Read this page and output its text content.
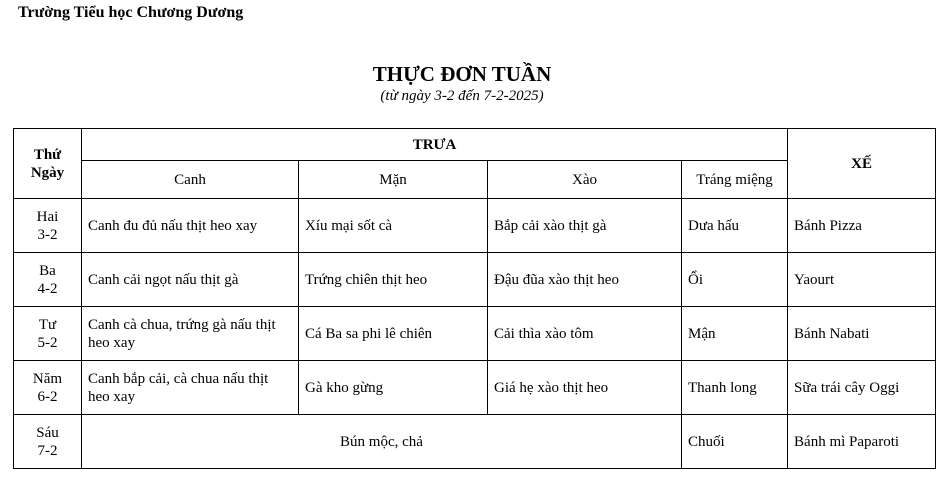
Trường Tiểu học Chương Dương
THỰC ĐƠN TUẦN
(từ ngày 3-2 đến 7-2-2025)
Thứ
Ngày	TRƯA				XẾ
	Canh	Mặn	Xào	Tráng miệng	

Hai
3-2	Canh đu đủ nấu thịt heo xay	Xíu mại sốt cà	Bắp cải xào thịt gà	Dưa hấu	Bánh Pizza

Ba
4-2	Canh cải ngọt nấu thịt gà	Trứng chiên thịt heo	Đậu đũa xào thịt heo	Ổi	Yaourt

Tư
5-2	Canh cà chua, trứng gà nấu thịt heo xay	Cá Ba sa phi lê chiên	Cải thìa xào tôm	Mận	Bánh Nabati

Năm
6-2	Canh bắp cải, cà chua nấu thịt heo xay	Gà kho gừng	Giá hẹ xào thịt heo	Thanh long	Sữa trái cây Oggi

Sáu
7-2	Bún mộc, chả			Chuối	Bánh mì Paparoti
